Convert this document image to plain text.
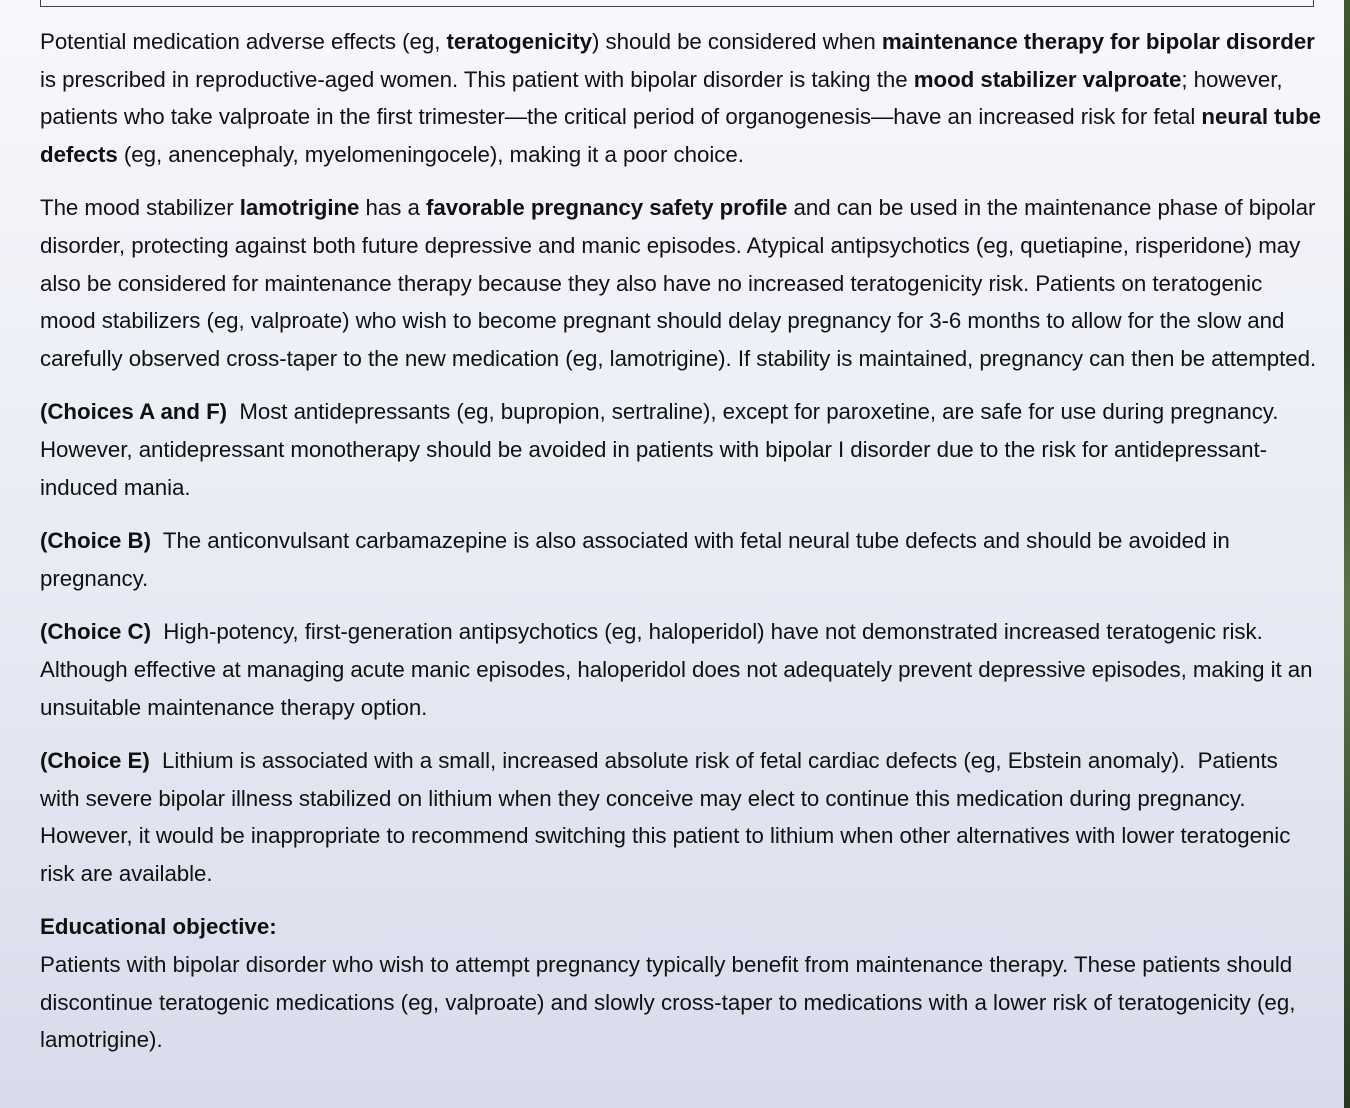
Potential medication adverse effects (eg, teratogenicity) should be considered when maintenance therapy for bipolar disorder is prescribed in reproductive-aged women. This patient with bipolar disorder is taking the mood stabilizer valproate; however, patients who take valproate in the first trimester—the critical period of organogenesis—have an increased risk for fetal neural tube defects (eg, anencephaly, myelomeningocele), making it a poor choice.

The mood stabilizer lamotrigine has a favorable pregnancy safety profile and can be used in the maintenance phase of bipolar disorder, protecting against both future depressive and manic episodes. Atypical antipsychotics (eg, quetiapine, risperidone) may also be considered for maintenance therapy because they also have no increased teratogenicity risk. Patients on teratogenic mood stabilizers (eg, valproate) who wish to become pregnant should delay pregnancy for 3-6 months to allow for the slow and carefully observed cross-taper to the new medication (eg, lamotrigine). If stability is maintained, pregnancy can then be attempted.

(Choices A and F)  Most antidepressants (eg, bupropion, sertraline), except for paroxetine, are safe for use during pregnancy.  However, antidepressant monotherapy should be avoided in patients with bipolar I disorder due to the risk for antidepressant-induced mania.

(Choice B)  The anticonvulsant carbamazepine is also associated with fetal neural tube defects and should be avoided in pregnancy.

(Choice C)  High-potency, first-generation antipsychotics (eg, haloperidol) have not demonstrated increased teratogenic risk.  Although effective at managing acute manic episodes, haloperidol does not adequately prevent depressive episodes, making it an unsuitable maintenance therapy option.

(Choice E)  Lithium is associated with a small, increased absolute risk of fetal cardiac defects (eg, Ebstein anomaly).  Patients with severe bipolar illness stabilized on lithium when they conceive may elect to continue this medication during pregnancy.  However, it would be inappropriate to recommend switching this patient to lithium when other alternatives with lower teratogenic risk are available.

Educational objective:

Patients with bipolar disorder who wish to attempt pregnancy typically benefit from maintenance therapy. These patients should discontinue teratogenic medications (eg, valproate) and slowly cross-taper to medications with a lower risk of teratogenicity (eg, lamotrigine).
